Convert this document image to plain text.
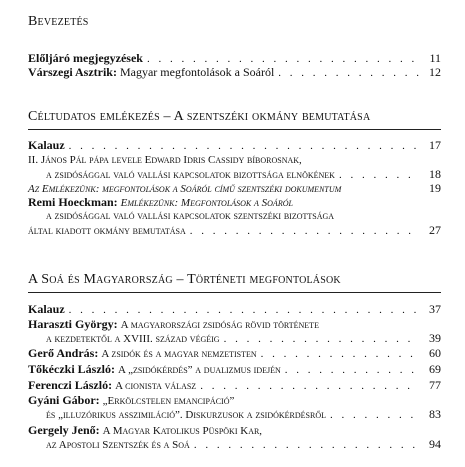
Bevezetés
Előljáró megjegyzések . . .	11
Várszegi Asztrik:
Magyar megfontolások a Soáról . . .	12
Céltudatos emlékezés – A szentszéki okmány bemutatása
Kalauz . . .	17
II. János Pál pápa levele Edward Idris Cassidy bíborosnak,
a zsidósággal való vallási kapcsolatok bizottsága elnökének . . .	18
Az Emlékezünk: megfontolások a Soáról című szentszéki dokumentum	19
Remi Hoeckman:
Emlékezünk: Megfontolások a Soáról
a zsidósággal való vallási kapcsolatok szentszéki bizottsága
által kiadott okmány bemutatása . . .	27
A Soá és Magyarország – Történeti megfontolások
Kalauz . . .	37
Haraszti György:
A magyarországi zsidóság rövid története
a kezdetektől a XVIII. század végéig . . .	39
Gerő András:
A zsidók és a magyar nemzetisten . . .	60
Tőkéczki László:
A „zsidókérdés” a dualizmus idején . . .	69
Ferenczi László:
A cionista válasz . . .	77
Gyáni Gábor:
„Erkölcstelen emancipáció”
és „illuzórikus asszimiláció”. Diskurzusok a zsidókérdésről . . .	83
Gergely Jenő:
A Magyar Katolikus Püspöki Kar,
az Apostoli Szentszék és a Soá . . .	94
